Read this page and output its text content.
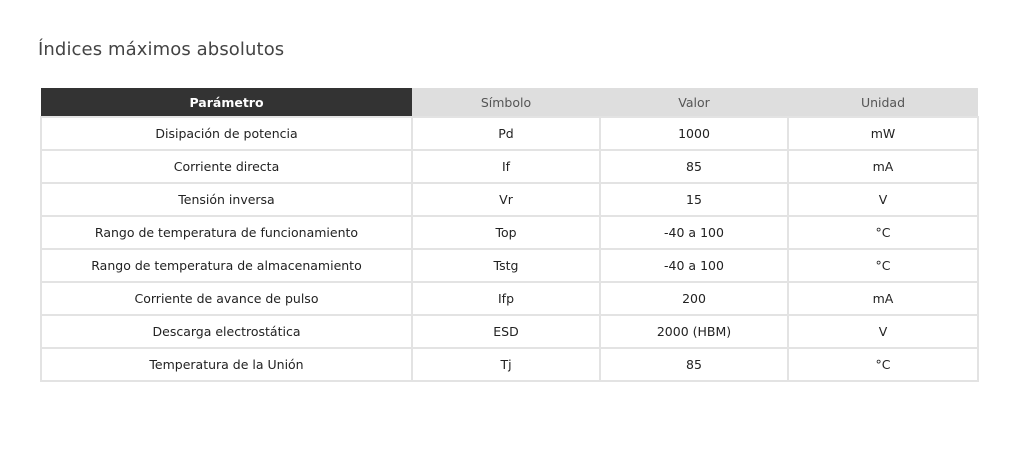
Índices máximos absolutos
Parámetro	Símbolo	Valor	Unidad
Disipación de potencia	Pd	1000	mW
Corriente directa	If	85	mA
Tensión inversa	Vr	15	V
Rango de temperatura de funcionamiento	Top	-40 a 100	°C
Rango de temperatura de almacenamiento	Tstg	-40 a 100	°C
Corriente de avance de pulso	Ifp	200	mA
Descarga electrostática	ESD	2000 (HBM)	V
Temperatura de la Unión	Tj	85	°C
